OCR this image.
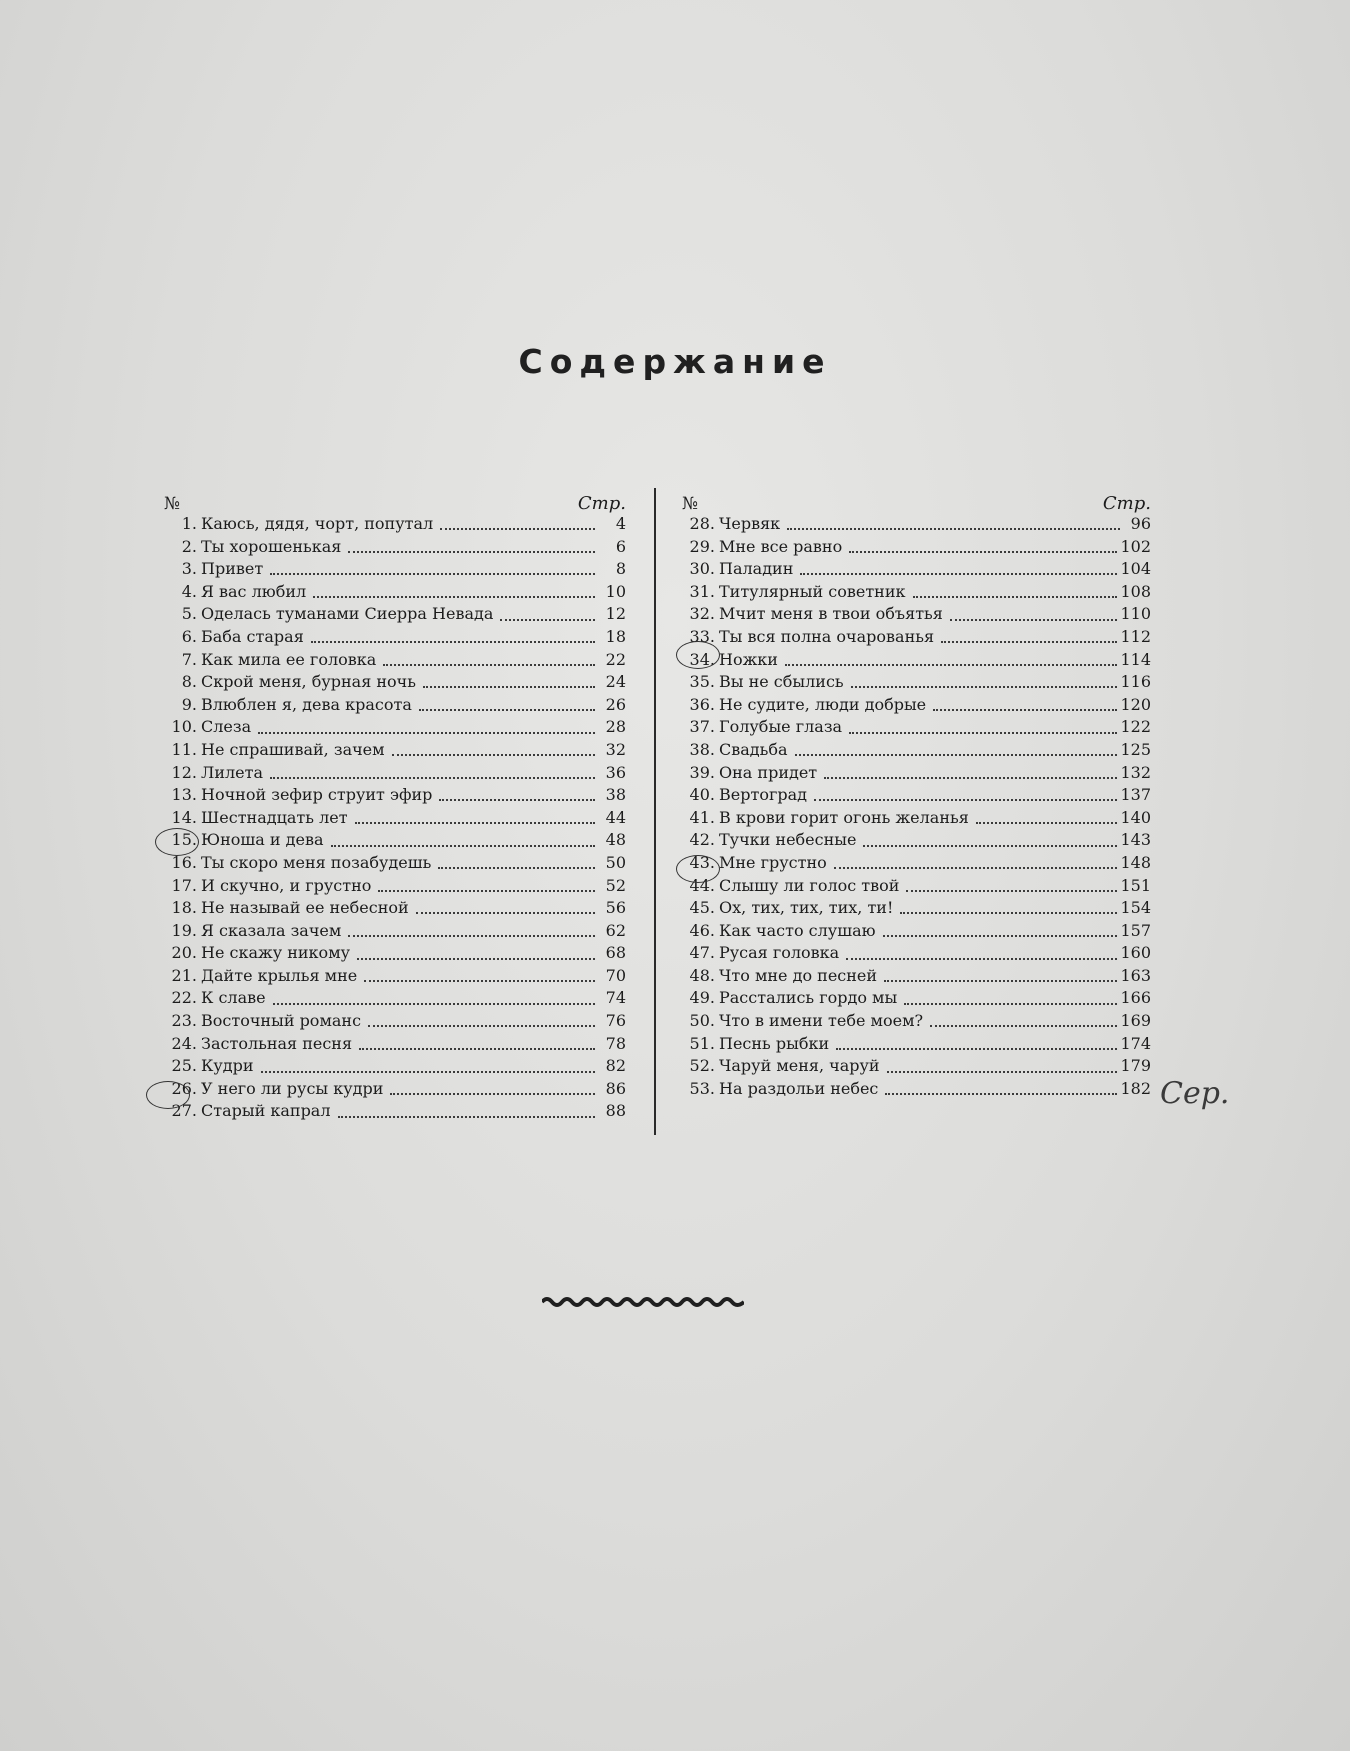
Содержание
№	Стр.
1. Каюсь, дядя, чорт, попутал	4
2. Ты хорошенькая	6
3. Привет	8
4. Я вас любил	10
5. Оделась туманами Сиерра Невада	12
6. Баба старая	18
7. Как мила ее головка	22
8. Скрой меня, бурная ночь	24
9. Влюблен я, дева красота	26
10. Слеза	28
11. Не спрашивай, зачем	32
12. Лилета	36
13. Ночной зефир струит эфир	38
14. Шестнадцать лет	44
15. Юноша и дева	48
16. Ты скоро меня позабудешь	50
17. И скучно, и грустно	52
18. Не называй ее небесной	56
19. Я сказала зачем	62
20. Не скажу никому	68
21. Дайте крылья мне	70
22. К славе	74
23. Восточный романс	76
24. Застольная песня	78
25. Кудри	82
26. У него ли русы кудри	86
27. Старый капрал	88
№	Стр.
28. Червяк	96
29. Мне все равно	102
30. Паладин	104
31. Титулярный советник	108
32. Мчит меня в твои объятья	110
33. Ты вся полна очарованья	112
34. Ножки	114
35. Вы не сбылись	116
36. Не судите, люди добрые	120
37. Голубые глаза	122
38. Свадьба	125
39. Она придет	132
40. Вертоград	137
41. В крови горит огонь желанья	140
42. Тучки небесные	143
43. Мне грустно	148
44. Слышу ли голос твой	151
45. Ох, тих, тих, тих, ти!	154
46. Как часто слушаю	157
47. Русая головка	160
48. Что мне до песней	163
49. Расстались гордо мы	166
50. Что в имени тебе моем?	169
51. Песнь рыбки	174
52. Чаруй меня, чаруй	179
53. На раздольи небес	182 Сер.
